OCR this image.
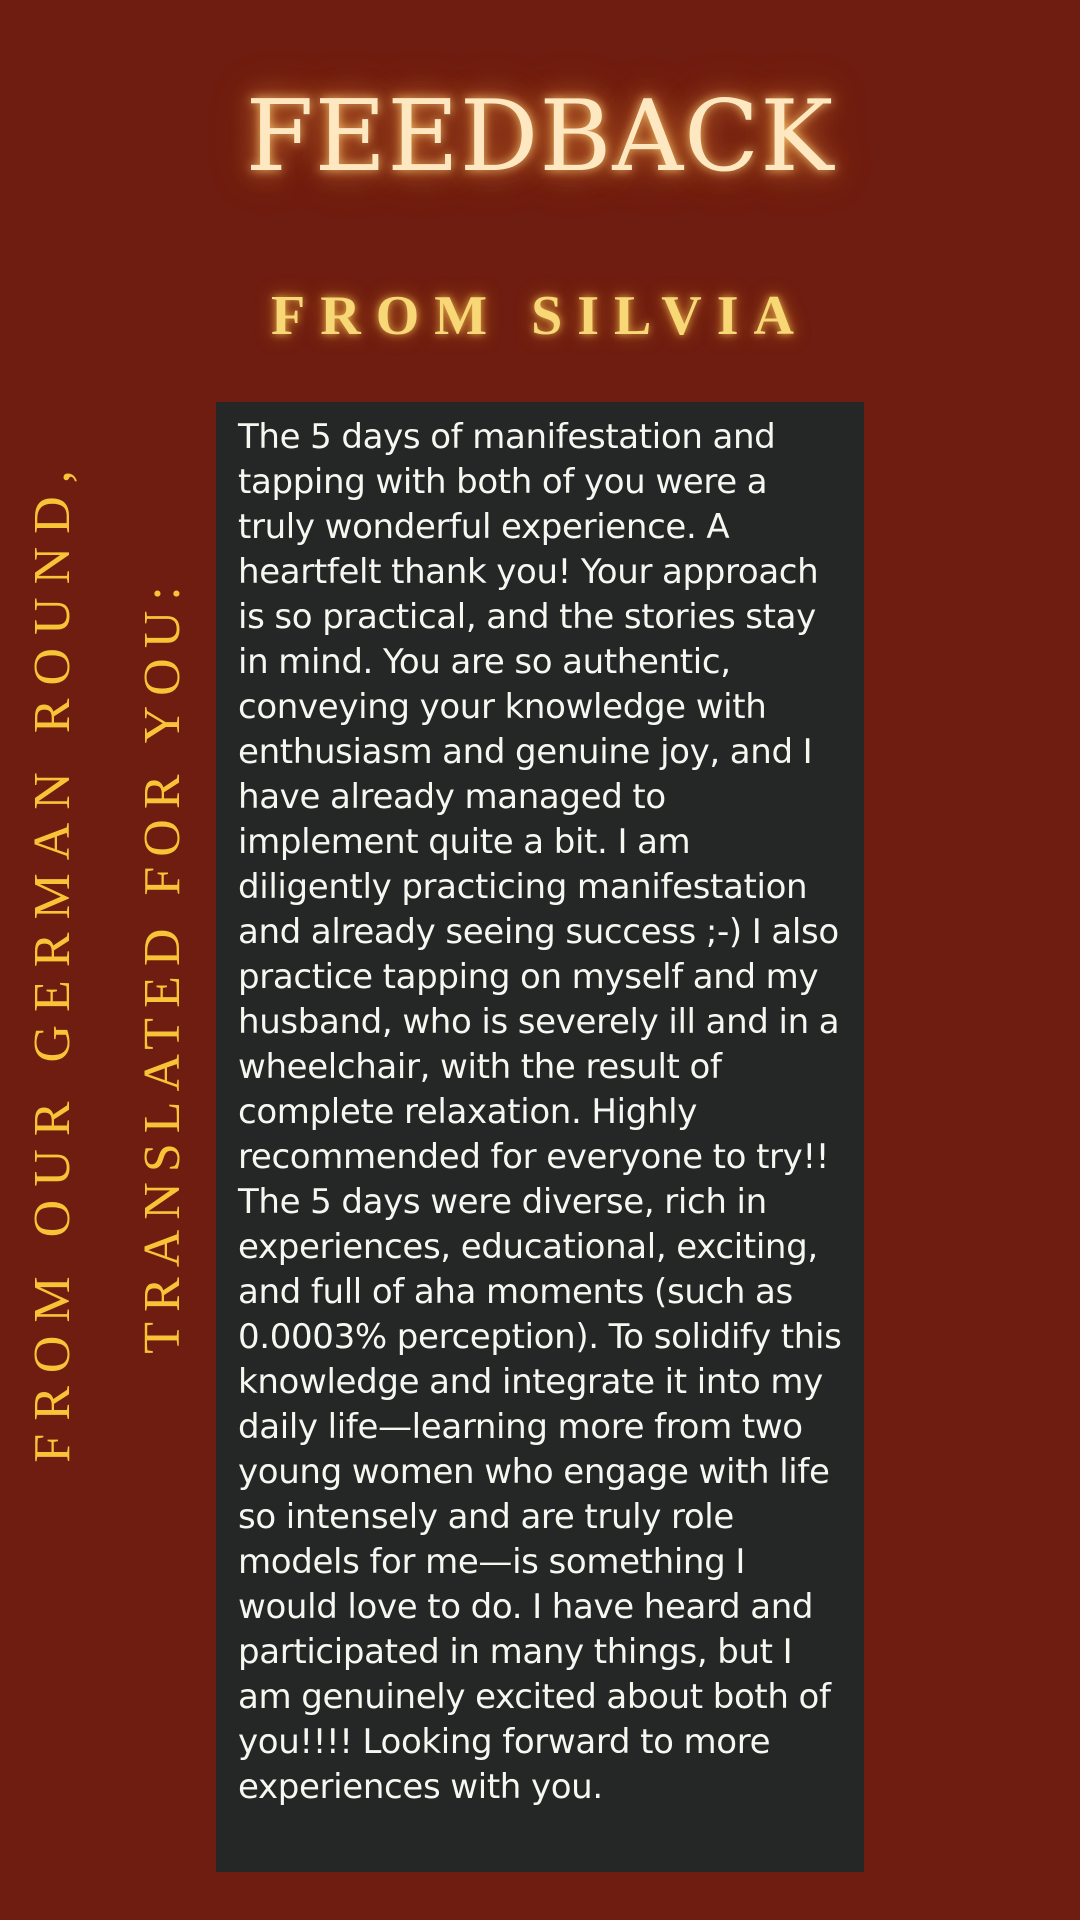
FEEDBACK
FROM SILVIA
FROM OUR GERMAN ROUND, TRANSLATED FOR YOU:

The 5 days of manifestation and tapping with both of you were a truly wonderful experience. A heartfelt thank you! Your approach is so practical, and the stories stay in mind. You are so authentic, conveying your knowledge with enthusiasm and genuine joy, and I have already managed to implement quite a bit. I am diligently practicing manifestation and already seeing success ;-) I also practice tapping on myself and my husband, who is severely ill and in a wheelchair, with the result of complete relaxation. Highly recommended for everyone to try!! The 5 days were diverse, rich in experiences, educational, exciting, and full of aha moments (such as 0.0003% perception). To solidify this knowledge and integrate it into my daily life—learning more from two young women who engage with life so intensely and are truly role models for me—is something I would love to do. I have heard and participated in many things, but I am genuinely excited about both of you!!!! Looking forward to more experiences with you.
